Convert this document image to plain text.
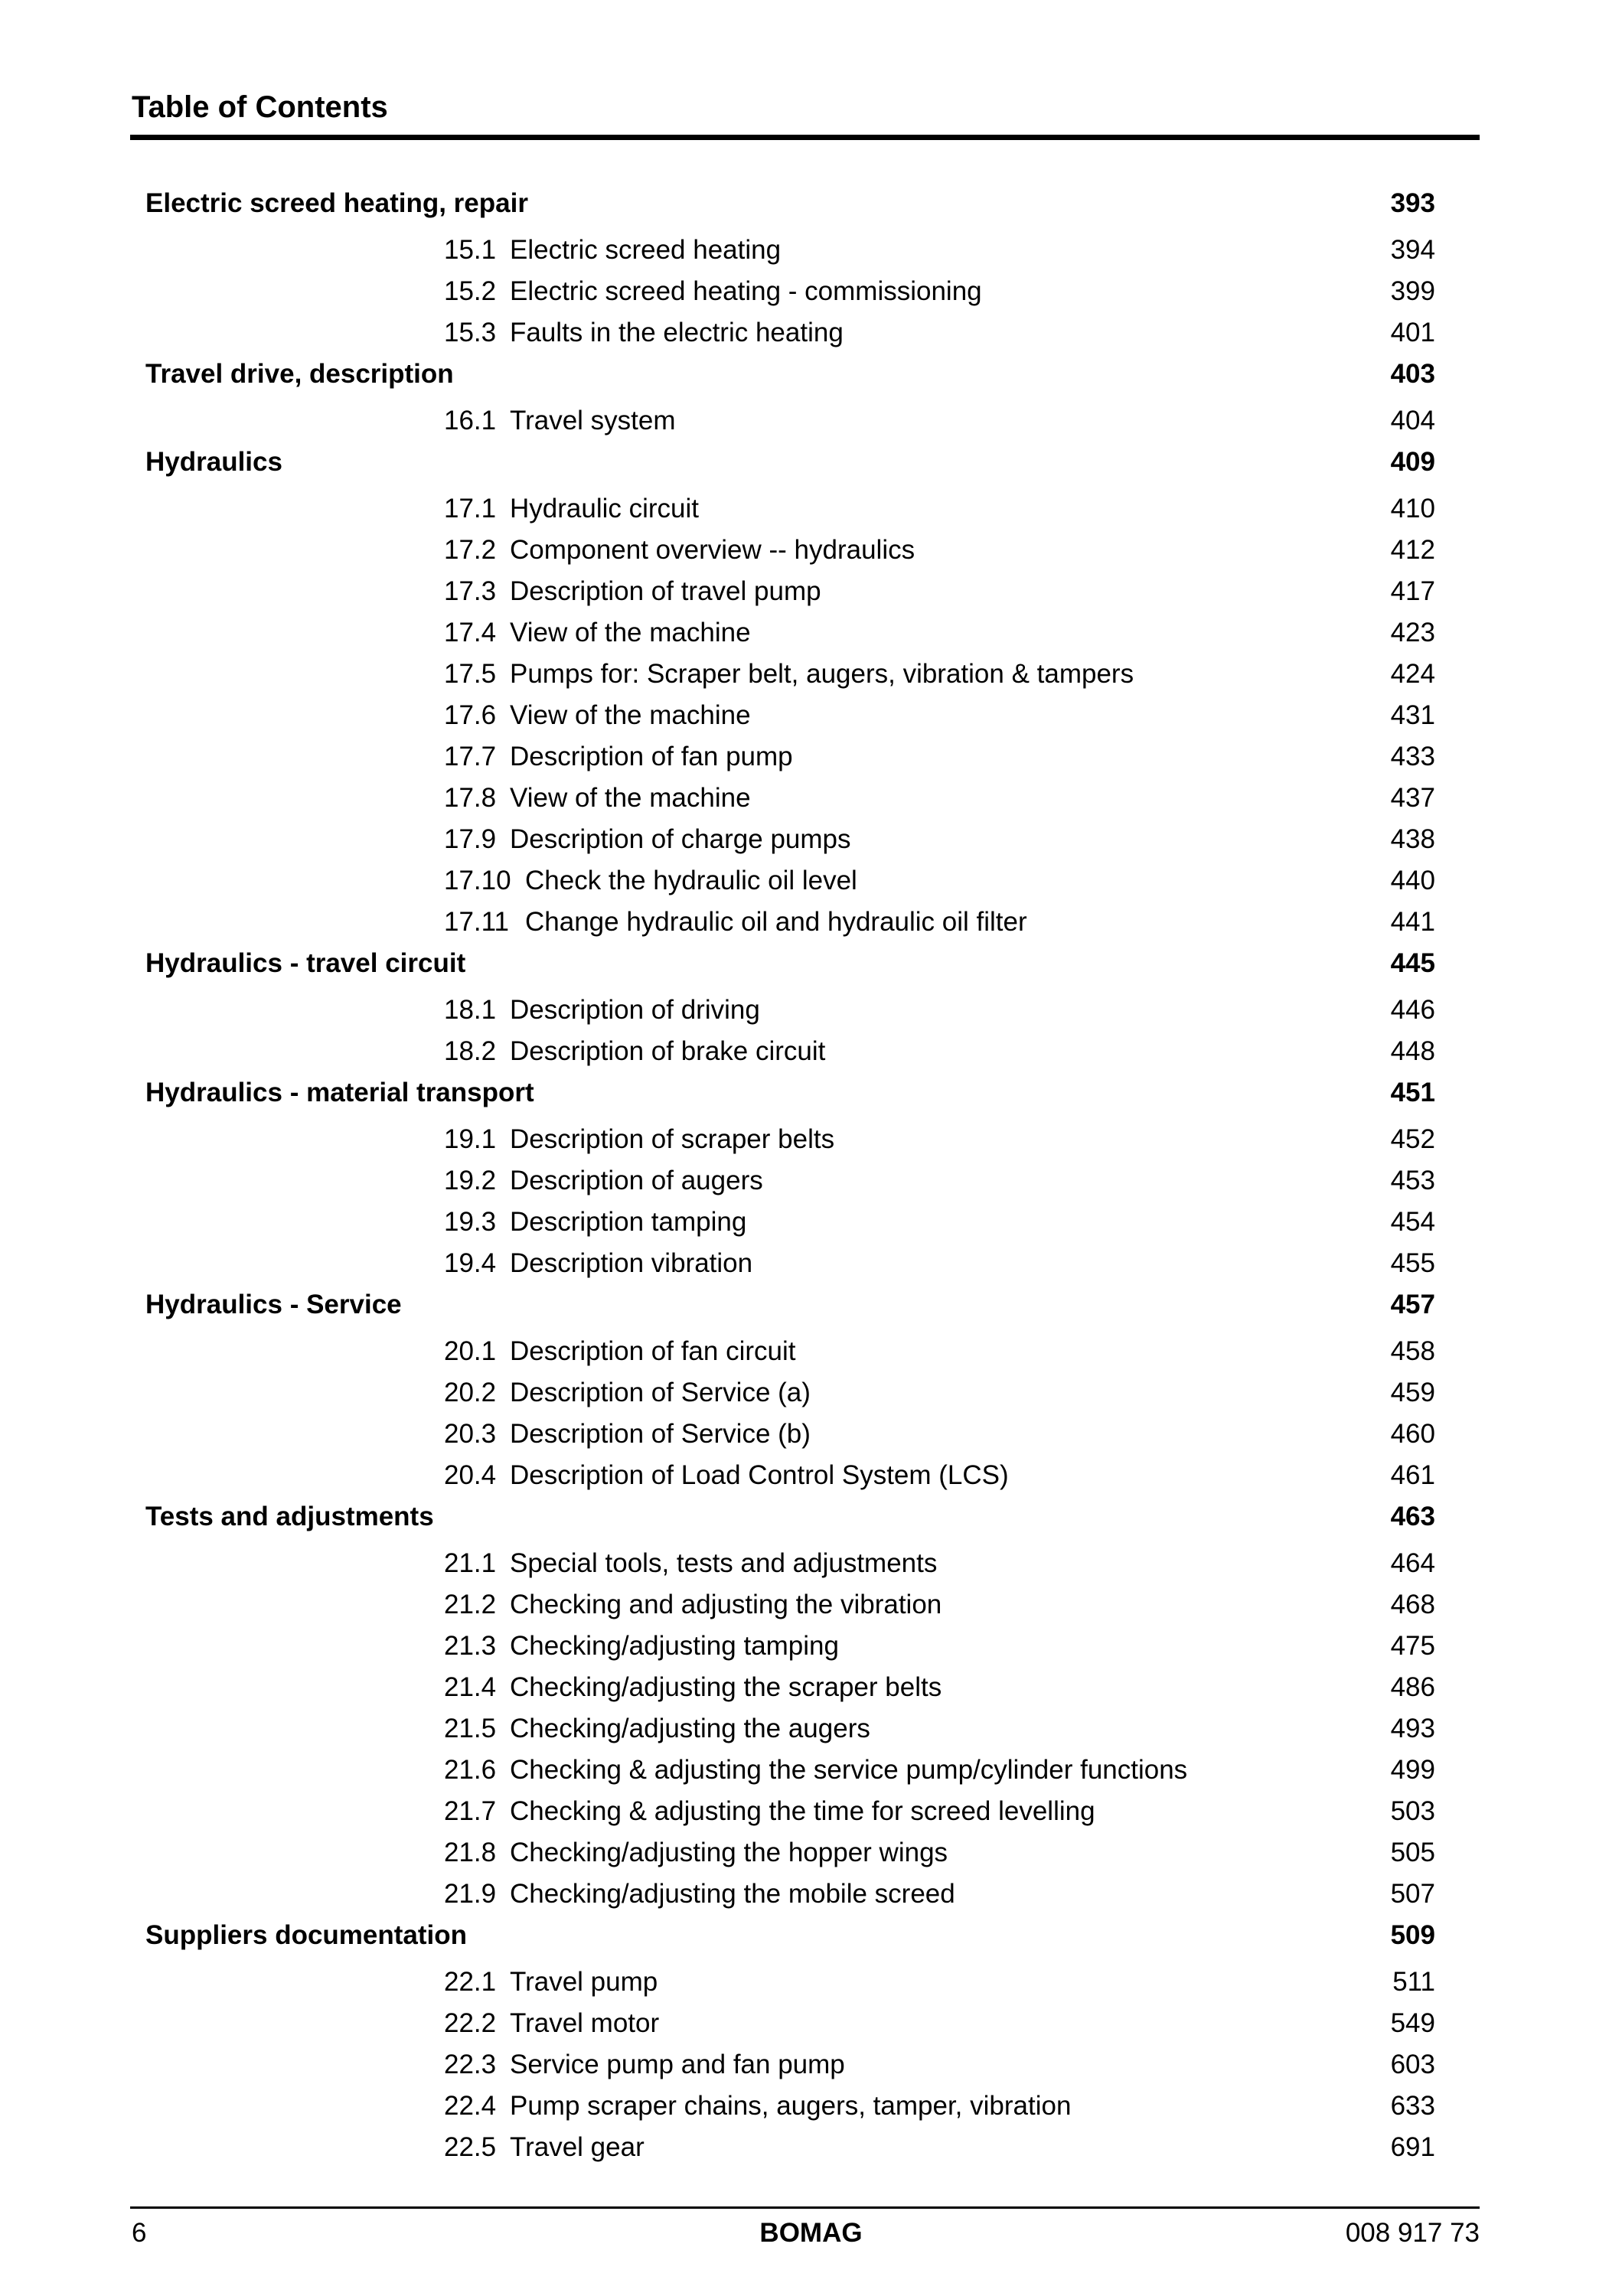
Table of Contents
Electric screed heating, repair	393
15.1 Electric screed heating	394
15.2 Electric screed heating - commissioning	399
15.3 Faults in the electric heating	401
Travel drive, description	403
16.1 Travel system	404
Hydraulics	409
17.1 Hydraulic circuit	410
17.2 Component overview -- hydraulics	412
17.3 Description of travel pump	417
17.4 View of the machine	423
17.5 Pumps for: Scraper belt, augers, vibration & tampers	424
17.6 View of the machine	431
17.7 Description of fan pump	433
17.8 View of the machine	437
17.9 Description of charge pumps	438
17.10 Check the hydraulic oil level	440
17.11 Change hydraulic oil and hydraulic oil filter	441
Hydraulics - travel circuit	445
18.1 Description of driving	446
18.2 Description of brake circuit	448
Hydraulics - material transport	451
19.1 Description of scraper belts	452
19.2 Description of augers	453
19.3 Description tamping	454
19.4 Description vibration	455
Hydraulics - Service	457
20.1 Description of fan circuit	458
20.2 Description of Service (a)	459
20.3 Description of Service (b)	460
20.4 Description of Load Control System (LCS)	461
Tests and adjustments	463
21.1 Special tools, tests and adjustments	464
21.2 Checking and adjusting the vibration	468
21.3 Checking/adjusting tamping	475
21.4 Checking/adjusting the scraper belts	486
21.5 Checking/adjusting the augers	493
21.6 Checking & adjusting the service pump/cylinder functions	499
21.7 Checking & adjusting the time for screed levelling	503
21.8 Checking/adjusting the hopper wings	505
21.9 Checking/adjusting the mobile screed	507
Suppliers documentation	509
22.1 Travel pump	511
22.2 Travel motor	549
22.3 Service pump and fan pump	603
22.4 Pump scraper chains, augers, tamper, vibration	633
22.5 Travel gear	691
6	BOMAG	008 917 73
